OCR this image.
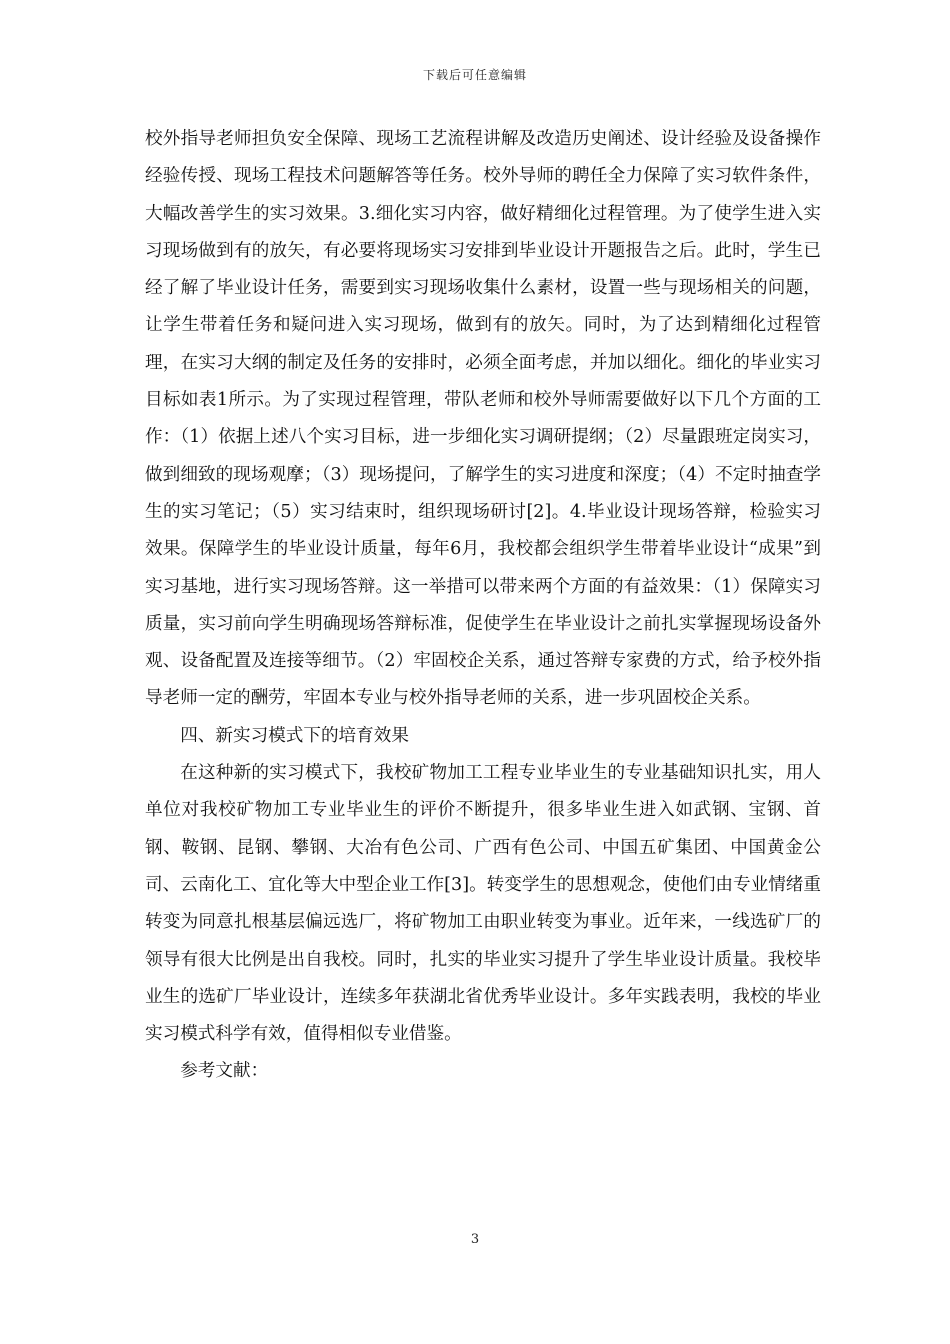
下载后可任意编辑

校外指导老师担负安全保障、现场工艺流程讲解及改造历史阐述、设计经验及设备操作经验传授、现场工程技术问题解答等任务。校外导师的聘任全力保障了实习软件条件，大幅改善学生的实习效果。3.细化实习内容，做好精细化过程管理。为了使学生进入实习现场做到有的放矢，有必要将现场实习安排到毕业设计开题报告之后。此时，学生已经了解了毕业设计任务，需要到实习现场收集什么素材，设置一些与现场相关的问题，让学生带着任务和疑问进入实习现场，做到有的放矢。同时，为了达到精细化过程管理，在实习大纲的制定及任务的安排时，必须全面考虑，并加以细化。细化的毕业实习目标如表1所示。为了实现过程管理，带队老师和校外导师需要做好以下几个方面的工作：（1）依据上述八个实习目标，进一步细化实习调研提纲；（2）尽量跟班定岗实习，做到细致的现场观摩；（3）现场提问，了解学生的实习进度和深度；（4）不定时抽查学生的实习笔记；（5）实习结束时，组织现场研讨[2]。4.毕业设计现场答辩，检验实习效果。保障学生的毕业设计质量，每年6月，我校都会组织学生带着毕业设计“成果”到实习基地，进行实习现场答辩。这一举措可以带来两个方面的有益效果：（1）保障实习质量，实习前向学生明确现场答辩标准，促使学生在毕业设计之前扎实掌握现场设备外观、设备配置及连接等细节。（2）牢固校企关系，通过答辩专家费的方式，给予校外指导老师一定的酬劳，牢固本专业与校外指导老师的关系，进一步巩固校企关系。

四、新实习模式下的培育效果

在这种新的实习模式下，我校矿物加工工程专业毕业生的专业基础知识扎实，用人单位对我校矿物加工专业毕业生的评价不断提升，很多毕业生进入如武钢、宝钢、首钢、鞍钢、昆钢、攀钢、大冶有色公司、广西有色公司、中国五矿集团、中国黄金公司、云南化工、宜化等大中型企业工作[3]。转变学生的思想观念，使他们由专业情绪重转变为同意扎根基层偏远选厂，将矿物加工由职业转变为事业。近年来，一线选矿厂的领导有很大比例是出自我校。同时，扎实的毕业实习提升了学生毕业设计质量。我校毕业生的选矿厂毕业设计，连续多年获湖北省优秀毕业设计。多年实践表明，我校的毕业实习模式科学有效，值得相似专业借鉴。

参考文献：

3
